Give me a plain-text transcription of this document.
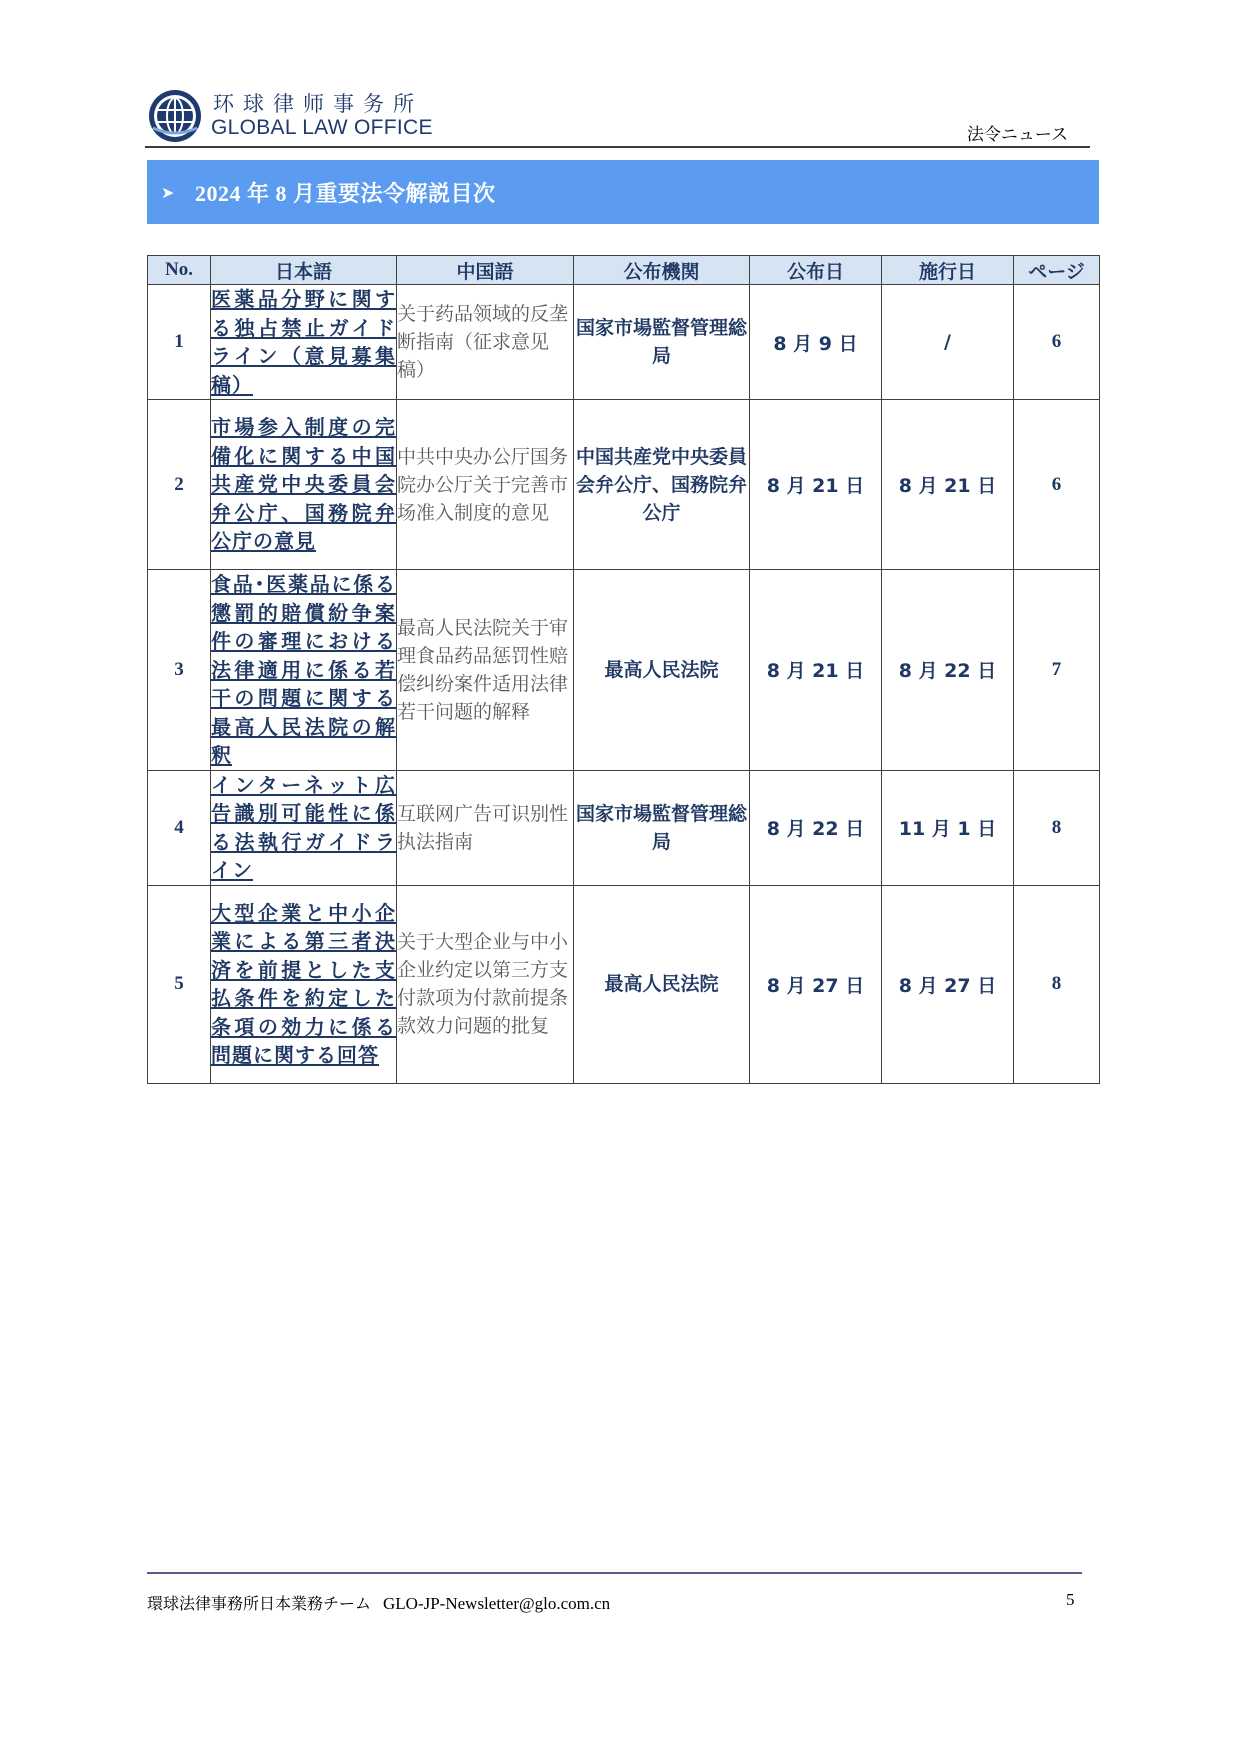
环球律师事务所
GLOBAL LAW OFFICE	法令ニュース
➤ 2024 年 8 月重要法令解説目次
No.	日本語	中国語	公布機関	公布日	施行日	ページ
1	医薬品分野に関する独占禁止ガイドライン（意見募集稿）	关于药品领域的反垄断指南（征求意见稿）	国家市場監督管理総局	8 月 9 日	/	6
2	市場参入制度の完備化に関する中国共産党中央委員会弁公庁、国務院弁公庁の意見	中共中央办公厅国务院办公厅关于完善市场准入制度的意见	中国共産党中央委員会弁公庁、国務院弁公庁	8 月 21 日	8 月 21 日	6
3	食品･医薬品に係る懲罰的賠償紛争案件の審理における法律適用に係る若干の問題に関する最高人民法院の解釈	最高人民法院关于审理食品药品惩罚性赔偿纠纷案件适用法律若干问题的解释	最高人民法院	8 月 21 日	8 月 22 日	7
4	インターネット広告識別可能性に係る法執行ガイドライン	互联网广告可识别性执法指南	国家市場監督管理総局	8 月 22 日	11 月 1 日	8
5	大型企業と中小企業による第三者決済を前提とした支払条件を約定した条項の効力に係る問題に関する回答	关于大型企业与中小企业约定以第三方支付款项为付款前提条款效力问题的批复	最高人民法院	8 月 27 日	8 月 27 日	8
環球法律事務所日本業務チーム GLO-JP-Newsletter@glo.com.cn	5
